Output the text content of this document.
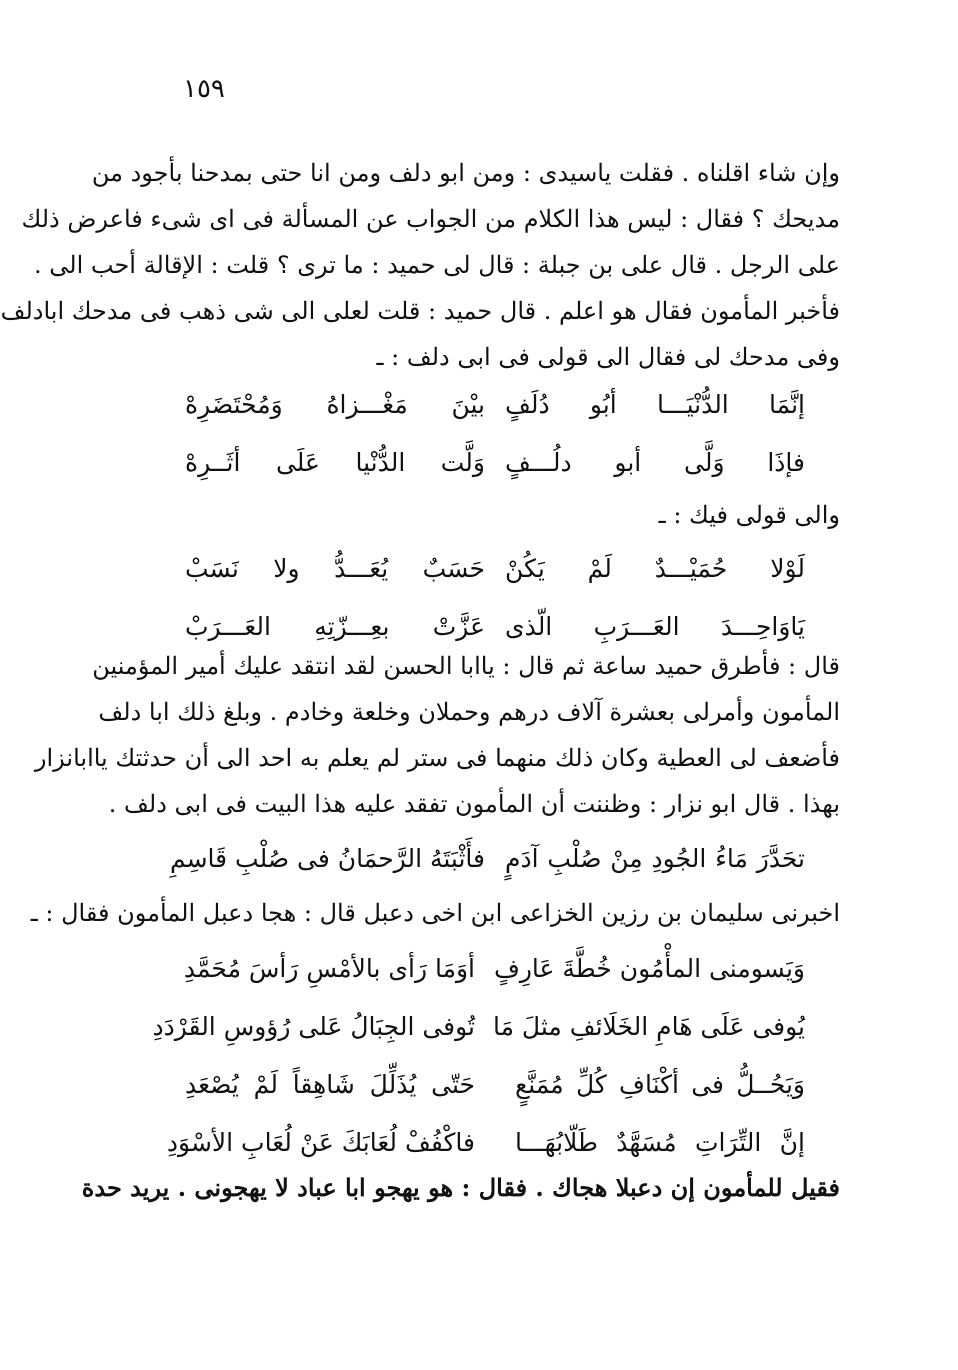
١٥٩
وإن شاء اقلناه . فقلت ياسيدى : ومن ابو دلف ومن انا حتى بمدحنا بأجود من
مديحك ؟ فقال : ليس هذا الكلام من الجواب عن المسألة فى اى شىء فاعرض ذلك
على الرجل . قال على بن جبلة : قال لى حميد : ما ترى ؟ قلت : الإقالة أحب الى .
فأخبر المأمون فقال هو اعلم . قال حميد : قلت لعلى الى شى ذهب فى مدحك ابادلف
وفى مدحك لى فقال الى قولى فى ابى دلف : ـ
إنَّمَا الدُّنْيَـــا أبُو دُلَفٍ
بيْنَ مَغْـــزاهُ وَمُحْتَضَرِهْ
فإذَا وَلَّى أبو دلُـــفٍ
وَلَّت الدُّنْيا عَلَى أثَــرِهْ
والى قولى فيك : ـ
لَوْلا حُمَيْـــدٌ لَمْ يَكُنْ
حَسَبٌ يُعَـــدُّ ولا نَسَبْ
يَاوَاحِـــدَ العَـــرَبِ الّذى
عَزَّتْ بعِـــزّتِهِ العَـــرَبْ
قال : فأطرق حميد ساعة ثم قال : ياابا الحسن لقد انتقد عليك أمير المؤمنين
المأمون وأمرلى بعشرة آلاف درهم وحملان وخلعة وخادم . وبلغ ذلك ابا دلف
فأضعف لى العطية وكان ذلك منهما فى ستر لم يعلم به احد الى أن حدثتك ياابانزار
بهذا . قال ابو نزار : وظننت أن المأمون تفقد عليه هذا البيت فى ابى دلف .
تحَدَّرَ مَاءُ الجُودِ مِنْ صُلْبِ آدَمٍ
فأَثْبَتَهُ الرَّحمَانُ فى صُلْبِ قَاسِمِ
اخبرنى سليمان بن رزين الخزاعى ابن اخى دعبل قال : هجا دعبل المأمون فقال : ـ
وَيَسومنى المأْمُون خُطَّةَ عَارِفٍ
أوَمَا رَأى بالأمْسِ رَأسَ مُحَمَّدِ
يُوفى عَلَى هَامِ الخَلَائفِ مثلَ مَا
تُوفى الجِبَالُ عَلى رُؤوسِ القَرْدَدِ
وَيَحُــلُّ فى أكْنَافِ كُلِّ مُمَنَّعٍ
حَتّى يُذَلِّلَ شَاهِقاً لَمْ يُصْعَدِ
إنَّ التِّرَاتِ مُسَهَّدٌ طَلّابُهَـــا
فاكْفُفْ لُعَابَكَ عَنْ لُعَابِ الأسْوَدِ
فقيل للمأمون إن دعبلا هجاك . فقال : هو يهجو ابا عباد لا يهجونى . يريد حدة
